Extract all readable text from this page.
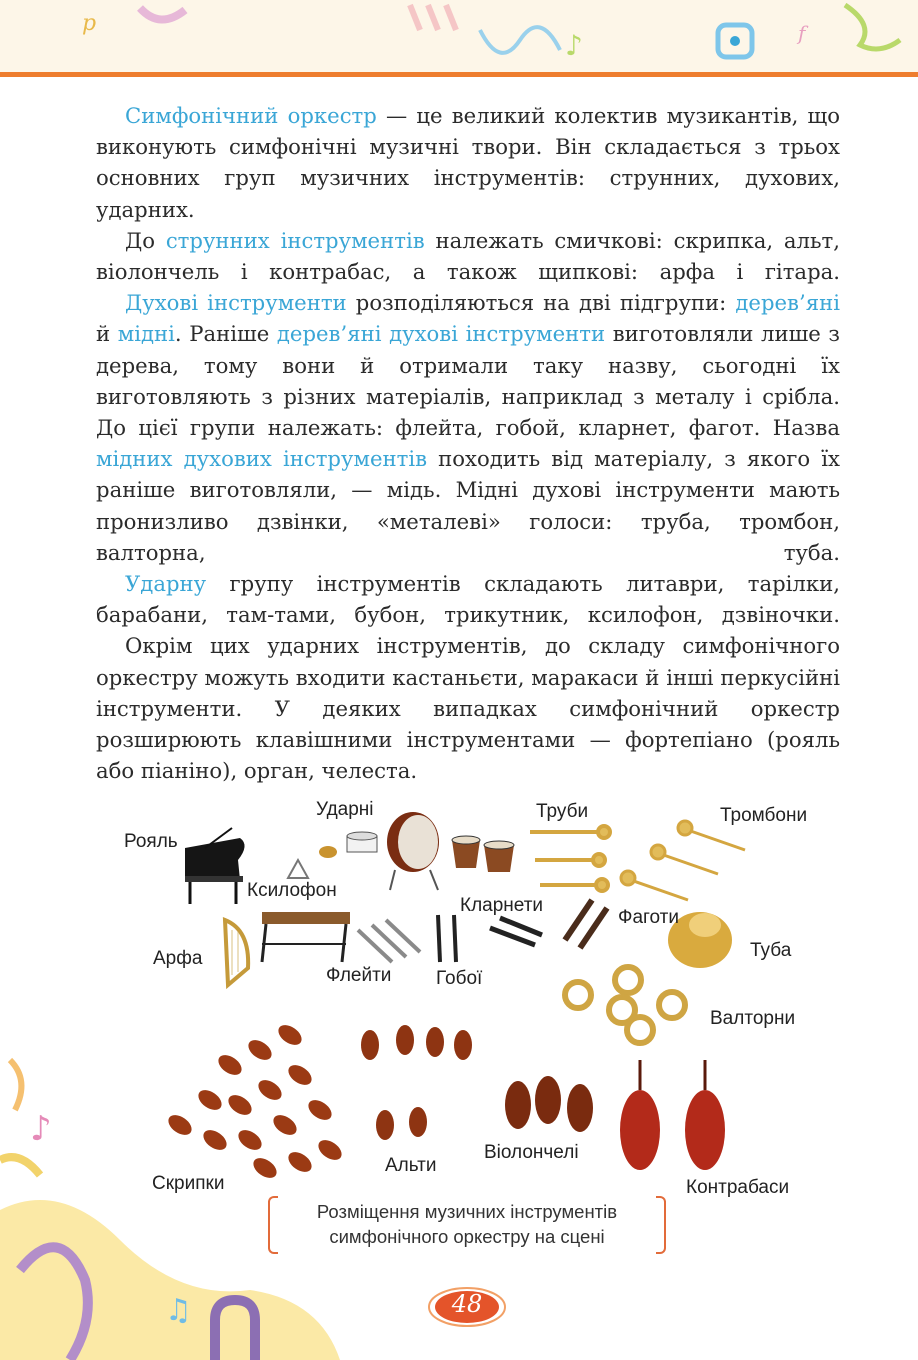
p
♪	f
♪
♫

Симфонічний оркестр — це великий колектив музикантів, що виконують симфонічні музичні твори. Він складається з трьох основних груп музичних інструментів: струнних, духових, ударних.

До струнних інструментів належать смичкові: скрипка, альт, віолончель і контрабас, а також щипкові: арфа і гітара.

Духові інструменти розподіляються на дві підгрупи: дерев’яні й мідні. Раніше дерев’яні духові інструменти виготовляли лише з дерева, тому вони й отримали таку назву, сьогодні їх виготовляють з різних матеріалів, наприклад з металу і срібла. До цієї групи належать: флейта, гобой, кларнет, фагот. Назва мідних духових інструментів походить від матеріалу, з якого їх раніше виготовляли, — мідь. Мідні духові інструменти мають пронизливо дзвінки, «металеві» голоси: труба, тромбон, валторна, туба.

Ударну групу інструментів складають литаври, тарілки, барабани, там-тами, бубон, трикутник, ксилофон, дзвіночки.

Окрім цих ударних інструментів, до складу симфонічного оркестру можуть входити кастаньєти, маракаси й інші перкусійні інструменти. У деяких випадках симфонічний оркестр розширюють клавішними інструментами — фортепіано (рояль або піаніно), орган, челеста.

Рояль
Ударні	Труби	Тромбони
Ксилофон
Кларнети
Фаготи
Арфа
Флейти Гобої
Туба
Валторни
Скрипки
Альти
Віолончелі
Контрабаси
Розміщення музичних інструментів
симфонічного оркестру на сцені
48
